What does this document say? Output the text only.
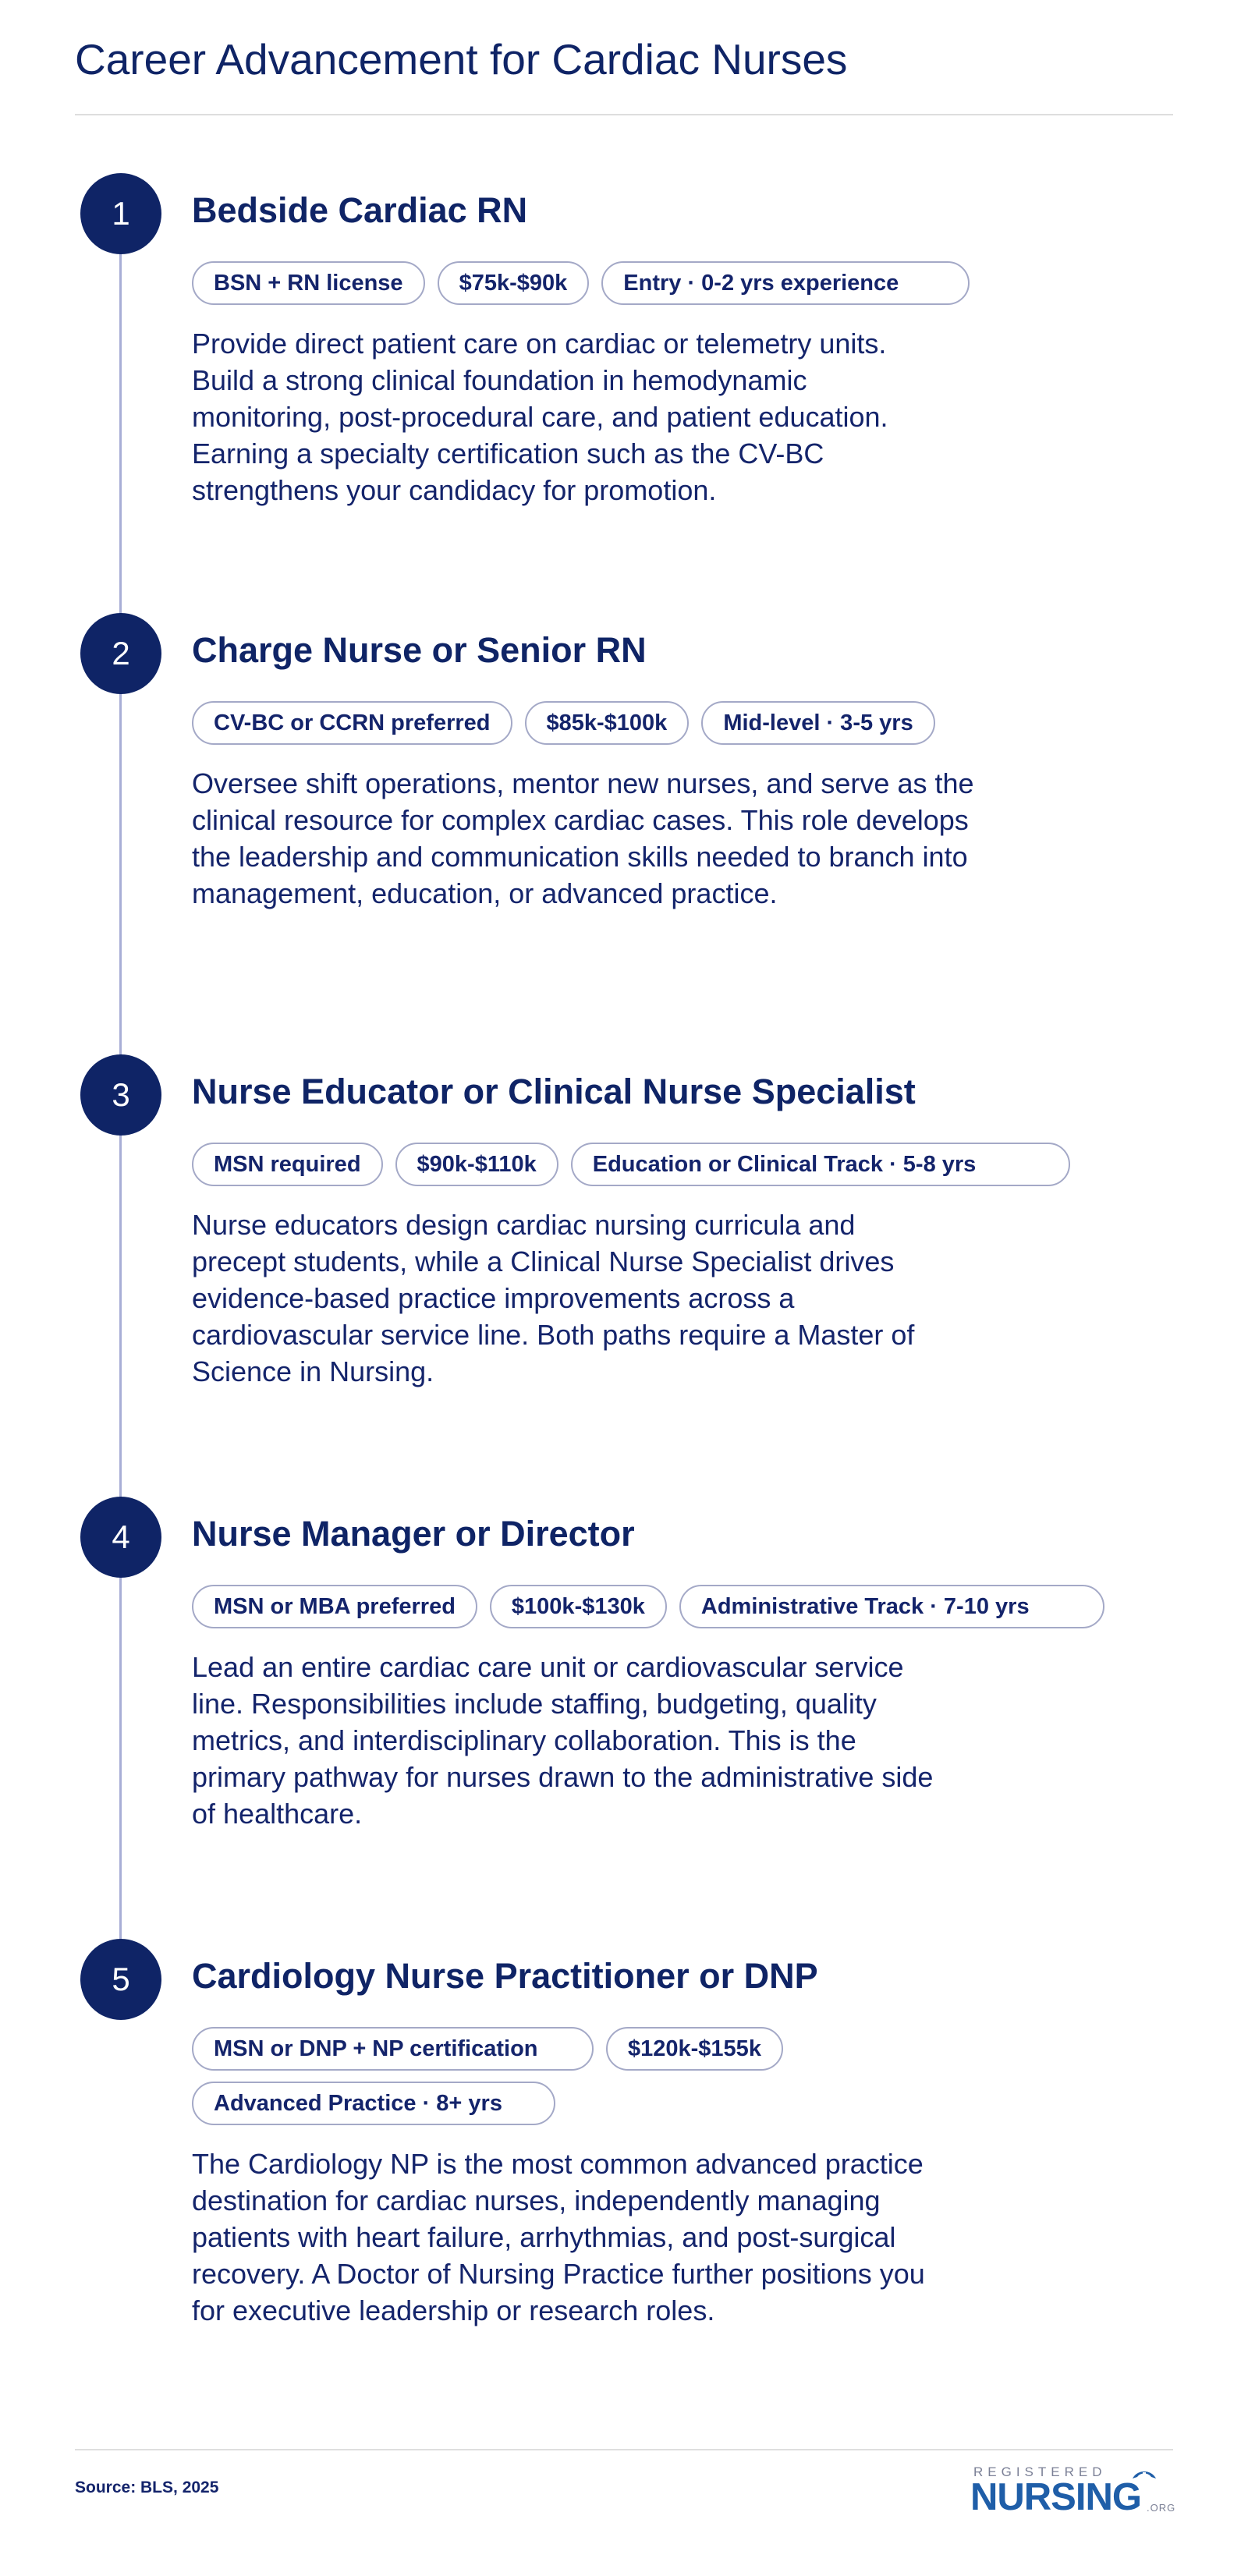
Career Advancement for Cardiac Nurses
1	Bedside Cardiac RN
BSN + RN license	$75k-$90k	Entry · 0-2 yrs experience

Provide direct patient care on cardiac or telemetry units. Build a strong clinical foundation in hemodynamic monitoring, post-procedural care, and patient education. Earning a specialty certification such as the CV-BC strengthens your candidacy for promotion.

2	Charge Nurse or Senior RN
CV-BC or CCRN preferred	$85k-$100k	Mid-level · 3-5 yrs

Oversee shift operations, mentor new nurses, and serve as the clinical resource for complex cardiac cases. This role develops the leadership and communication skills needed to branch into management, education, or advanced practice.

3	Nurse Educator or Clinical Nurse Specialist
MSN required	$90k-$110k	Education or Clinical Track · 5-8 yrs

Nurse educators design cardiac nursing curricula and precept students, while a Clinical Nurse Specialist drives evidence-based practice improvements across a cardiovascular service line. Both paths require a Master of Science in Nursing.

4	Nurse Manager or Director
MSN or MBA preferred	$100k-$130k	Administrative Track · 7-10 yrs

Lead an entire cardiac care unit or cardiovascular service line. Responsibilities include staffing, budgeting, quality metrics, and interdisciplinary collaboration. This is the primary pathway for nurses drawn to the administrative side of healthcare.

5	Cardiology Nurse Practitioner or DNP
MSN or DNP + NP certification	$120k-$155k
Advanced Practice · 8+ yrs

The Cardiology NP is the most common advanced practice destination for cardiac nurses, independently managing patients with heart failure, arrhythmias, and post-surgical recovery. A Doctor of Nursing Practice further positions you for executive leadership or research roles.

Source: BLS, 2025
REGISTERED
NURSING .ORG
